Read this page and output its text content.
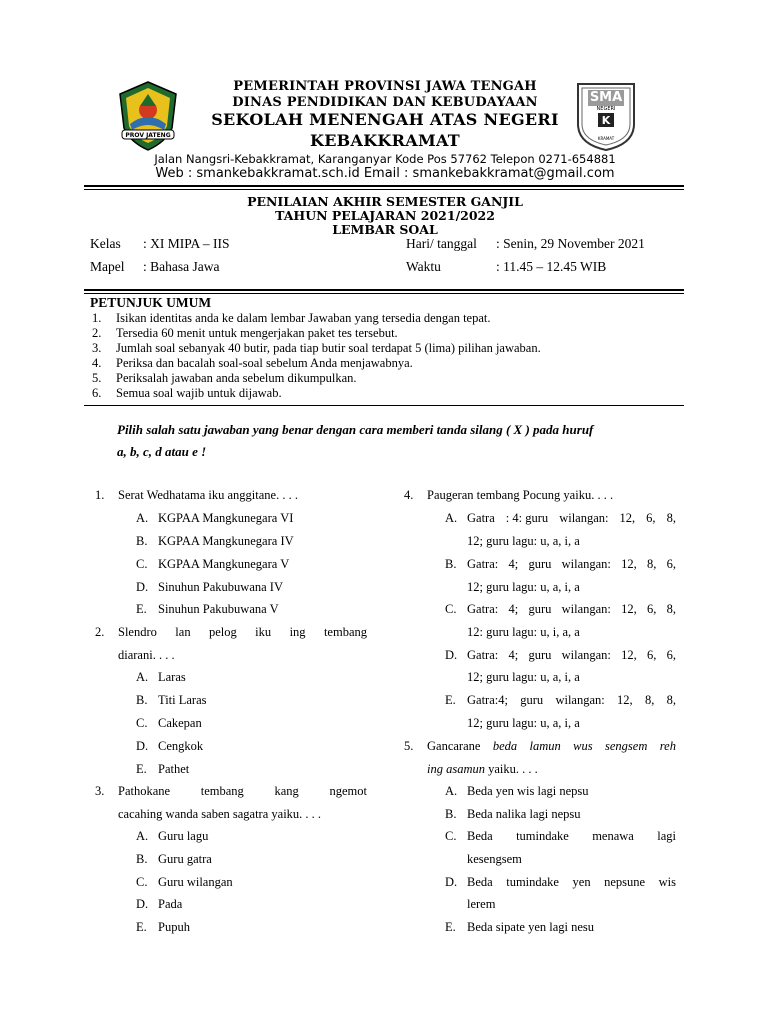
PROV JATENG
PEMERINTAH PROVINSI JAWA TENGAH
DINAS PENDIDIKAN DAN KEBUDAYAAN
SEKOLAH MENENGAH ATAS NEGERI
KEBAKKRAMAT
SMA
NEGERI
K
KRAMAT
Jalan Nangsri-Kebakkramat, Karanganyar Kode Pos 57762 Telepon 0271-654881
Web : smankebakkramat.sch.id Email : smankebakkramat@gmail.com
PENILAIAN AKHIR SEMESTER GANJIL
TAHUN PELAJARAN 2021/2022
LEMBAR SOAL
Kelas : XI MIPA – IIS	Hari/ tanggal : Senin, 29 November 2021
Mapel : Bahasa Jawa	Waktu	: 11.45 – 12.45 WIB
PETUNJUK UMUM
1. Isikan identitas anda ke dalam lembar Jawaban yang tersedia dengan tepat.
2. Tersedia 60 menit untuk mengerjakan paket tes tersebut.
3. Jumlah soal sebanyak 40 butir, pada tiap butir soal terdapat 5 (lima) pilihan jawaban.
4. Periksa dan bacalah soal-soal sebelum Anda menjawabnya.
5. Periksalah jawaban anda sebelum dikumpulkan.
6. Semua soal wajib untuk dijawab.
Pilih salah satu jawaban yang benar dengan cara memberi tanda silang ( X ) pada huruf
a, b, c, d atau e !
1. Serat Wedhatama iku anggitane. . . .
A. KGPAA Mangkunegara VI
B. KGPAA Mangkunegara IV
C. KGPAA Mangkunegara V
D. Sinuhun Pakubuwana IV
E. Sinuhun Pakubuwana V
2. Slendro lan pelog iku ing tembang
diarani. . . .
A. Laras
B. Titi Laras
C. Cakepan
D. Cengkok
E. Pathet
3. Pathokane tembang kang ngemot
cacahing wanda saben sagatra yaiku. . . .
A. Guru lagu
B. Guru gatra
C. Guru wilangan
D. Pada
E. Pupuh
4. Paugeran tembang Pocung yaiku. . . .
A. Gatra : 4: guru wilangan: 12, 6, 8,
12; guru lagu: u, a, i, a
B. Gatra: 4; guru wilangan: 12, 8, 6,
12; guru lagu: u, a, i, a
C. Gatra: 4; guru wilangan: 12, 6, 8,
12: guru lagu: u, i, a, a
D. Gatra: 4; guru wilangan: 12, 6, 6,
12; guru lagu: u, a, i, a
E. Gatra:4; guru wilangan: 12, 8, 8,
12; guru lagu: u, a, i, a
5. Gancarane beda lamun wus sengsem reh
ing asamun yaiku. . . .
A. Beda yen wis lagi nepsu
B. Beda nalika lagi nepsu
C. Beda tumindake menawa lagi
kesengsem
D. Beda tumindake yen nepsune wis
lerem
E. Beda sipate yen lagi nesu
